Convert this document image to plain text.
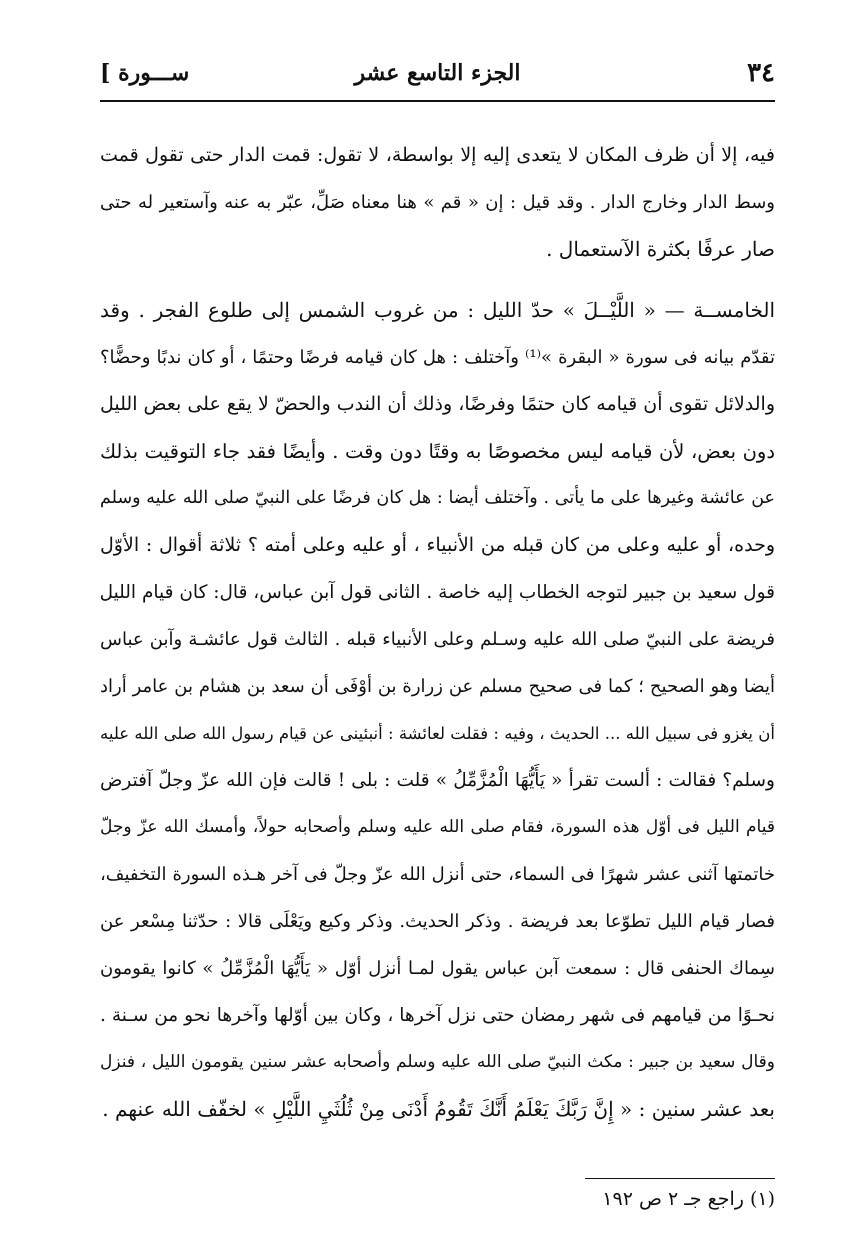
٣٤
الجزء التاسع عشر
[ ســـورة
فيه، إلا أن ظرف المكان لا يتعدى إليه إلا بواسطة، لا تقول: قمت الدار حتى تقول قمت
وسط الدار وخارج الدار . وقد قيل : إن « قم » هنا معناه صَلِّ، عبّر به عنه وآستعير له حتى
صار عرفًا بكثرة الآستعمال .
الخامســة — « اللَّيْــلَ » حدّ الليل : من غروب الشمس إلى طلوع الفجر . وقد
تقدّم بيانه فى سورة « البقرة »⁽¹⁾ وآختلف : هل كان قيامه فرضًا وحتمًا ، أو كان ندبًا وحضًّا؟
والدلائل تقوى أن قيامه كان حتمًا وفرضًا، وذلك أن الندب والحضّ لا يقع على بعض الليل
دون بعض، لأن قيامه ليس مخصوصًا به وقتًا دون وقت . وأيضًا فقد جاء التوقيت بذلك
عن عائشة وغيرها على ما يأتى . وآختلف أيضا : هل كان فرضًا على النبيّ صلى الله عليه وسلم
وحده، أو عليه وعلى من كان قبله من الأنبياء ، أو عليه وعلى أمته ؟ ثلاثة أقوال : الأوّل
قول سعيد بن جبير لتوجه الخطاب إليه خاصة . الثانى قول آبن عباس، قال: كان قيام الليل
فريضة على النبيّ صلى الله عليه وسـلم وعلى الأنبياء قبله . الثالث قول عائشـة وآبن عباس
أيضا وهو الصحيح ؛ كما فى صحيح مسلم عن زرارة بن أوْفَى أن سعد بن هشام بن عامر أراد
أن يغزو فى سبيل الله ... الحديث ، وفيه : فقلت لعائشة : أنبئينى عن قيام رسول الله صلى الله عليه
وسلم؟ فقالت : ألست تقرأ « يَأَيُّهَا الْمُزَّمِّلُ » قلت : بلى ! قالت فإن الله عزّ وجلّ آفترض
قيام الليل فى أوّل هذه السورة، فقام صلى الله عليه وسلم وأصحابه حولاً، وأمسك الله عزّ وجلّ
خاتمتها آثنى عشر شهرًا فى السماء، حتى أنزل الله عزّ وجلّ فى آخر هـذه السورة التخفيف،
فصار قيام الليل تطوّعا بعد فريضة . وذكر الحديث. وذكر وكيع ويَعْلَى قالا : حدّثنا مِسْعر عن
سِماك الحنفى قال : سمعت آبن عباس يقول لمـا أنزل أوّل « يَأَيُّهَا الْمُزَّمِّلُ » كانوا يقومون
نحـوًا من قيامهم فى شهر رمضان حتى نزل آخرها ، وكان بين أوّلها وآخرها نحو من سـنة .
وقال سعيد بن جبير : مكث النبيّ صلى الله عليه وسلم وأصحابه عشر سنين يقومون الليل ، فنزل
بعد عشر سنين : « إِنَّ رَبَّكَ يَعْلَمُ أَنَّكَ تَقُومُ أَدْنَى مِنْ ثُلُثَيِ اللَّيْلِ » لخفّف الله عنهم .
(١) راجع جـ ٢ ص ١٩٢
